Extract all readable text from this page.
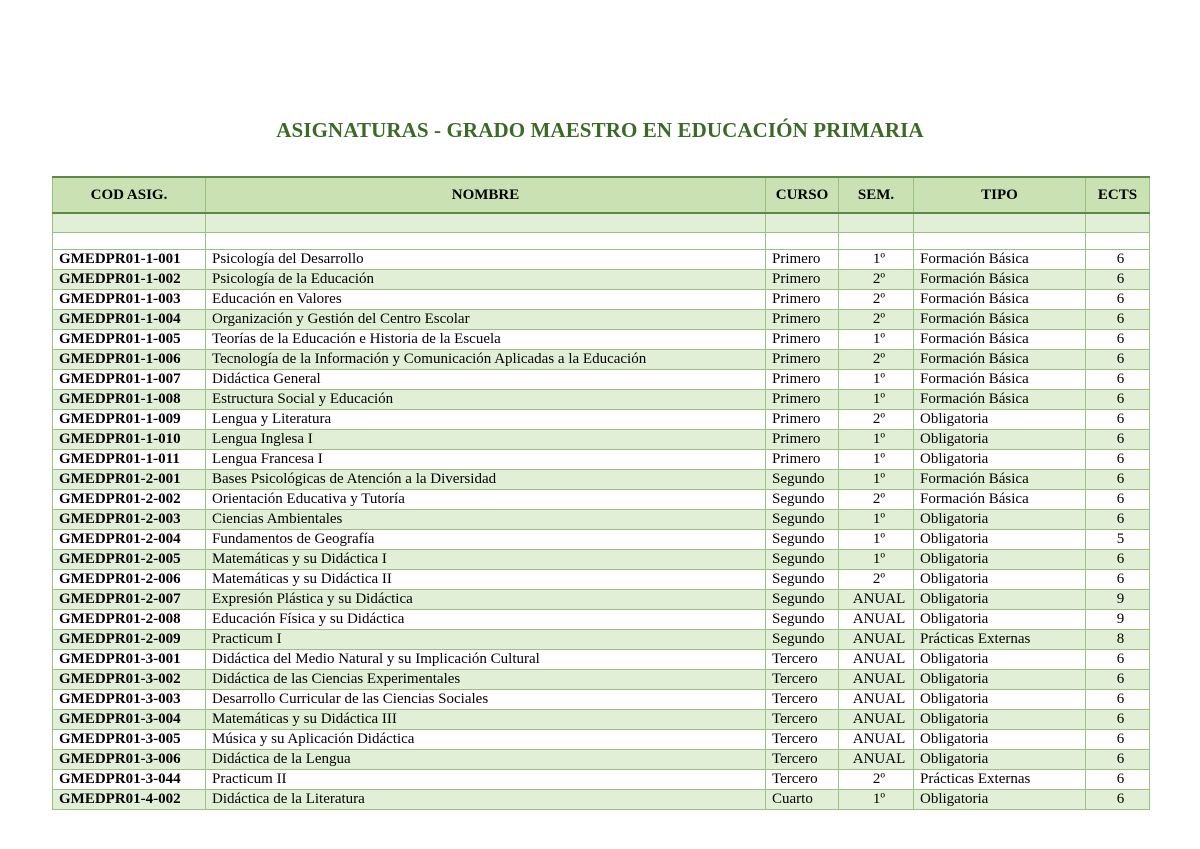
ASIGNATURAS - GRADO MAESTRO EN EDUCACIÓN PRIMARIA
COD ASIG.	NOMBRE	CURSO	SEM.	TIPO	ECTS

GMEDPR01-1-001	Psicología del Desarrollo	Primero	1º	Formación Básica	6
GMEDPR01-1-002	Psicología de la Educación	Primero	2º	Formación Básica	6
GMEDPR01-1-003	Educación en Valores	Primero	2º	Formación Básica	6
GMEDPR01-1-004	Organización y Gestión del Centro Escolar	Primero	2º	Formación Básica	6
GMEDPR01-1-005	Teorías de la Educación e Historia de la Escuela	Primero	1º	Formación Básica	6
GMEDPR01-1-006	Tecnología de la Información y Comunicación Aplicadas a la Educación	Primero	2º	Formación Básica	6
GMEDPR01-1-007	Didáctica General	Primero	1º	Formación Básica	6
GMEDPR01-1-008	Estructura Social y Educación	Primero	1º	Formación Básica	6
GMEDPR01-1-009	Lengua y Literatura	Primero	2º	Obligatoria	6
GMEDPR01-1-010	Lengua Inglesa I	Primero	1º	Obligatoria	6
GMEDPR01-1-011	Lengua Francesa I	Primero	1º	Obligatoria	6
GMEDPR01-2-001	Bases Psicológicas de Atención a la Diversidad	Segundo	1º	Formación Básica	6
GMEDPR01-2-002	Orientación Educativa y Tutoría	Segundo	2º	Formación Básica	6
GMEDPR01-2-003	Ciencias Ambientales	Segundo	1º	Obligatoria	6
GMEDPR01-2-004	Fundamentos de Geografía	Segundo	1º	Obligatoria	5
GMEDPR01-2-005	Matemáticas y su Didáctica I	Segundo	1º	Obligatoria	6
GMEDPR01-2-006	Matemáticas y su Didáctica II	Segundo	2º	Obligatoria	6
GMEDPR01-2-007	Expresión Plástica y su Didáctica	Segundo	ANUAL	Obligatoria	9
GMEDPR01-2-008	Educación Física y su Didáctica	Segundo	ANUAL	Obligatoria	9
GMEDPR01-2-009	Practicum I	Segundo	ANUAL	Prácticas Externas	8
GMEDPR01-3-001	Didáctica del Medio Natural y su Implicación Cultural	Tercero	ANUAL	Obligatoria	6
GMEDPR01-3-002	Didáctica de las Ciencias Experimentales	Tercero	ANUAL	Obligatoria	6
GMEDPR01-3-003	Desarrollo Curricular de las Ciencias Sociales	Tercero	ANUAL	Obligatoria	6
GMEDPR01-3-004	Matemáticas y su Didáctica III	Tercero	ANUAL	Obligatoria	6
GMEDPR01-3-005	Música y su Aplicación Didáctica	Tercero	ANUAL	Obligatoria	6
GMEDPR01-3-006	Didáctica de la Lengua	Tercero	ANUAL	Obligatoria	6
GMEDPR01-3-044	Practicum II	Tercero	2º	Prácticas Externas	6
GMEDPR01-4-002	Didáctica de la Literatura	Cuarto	1º	Obligatoria	6
